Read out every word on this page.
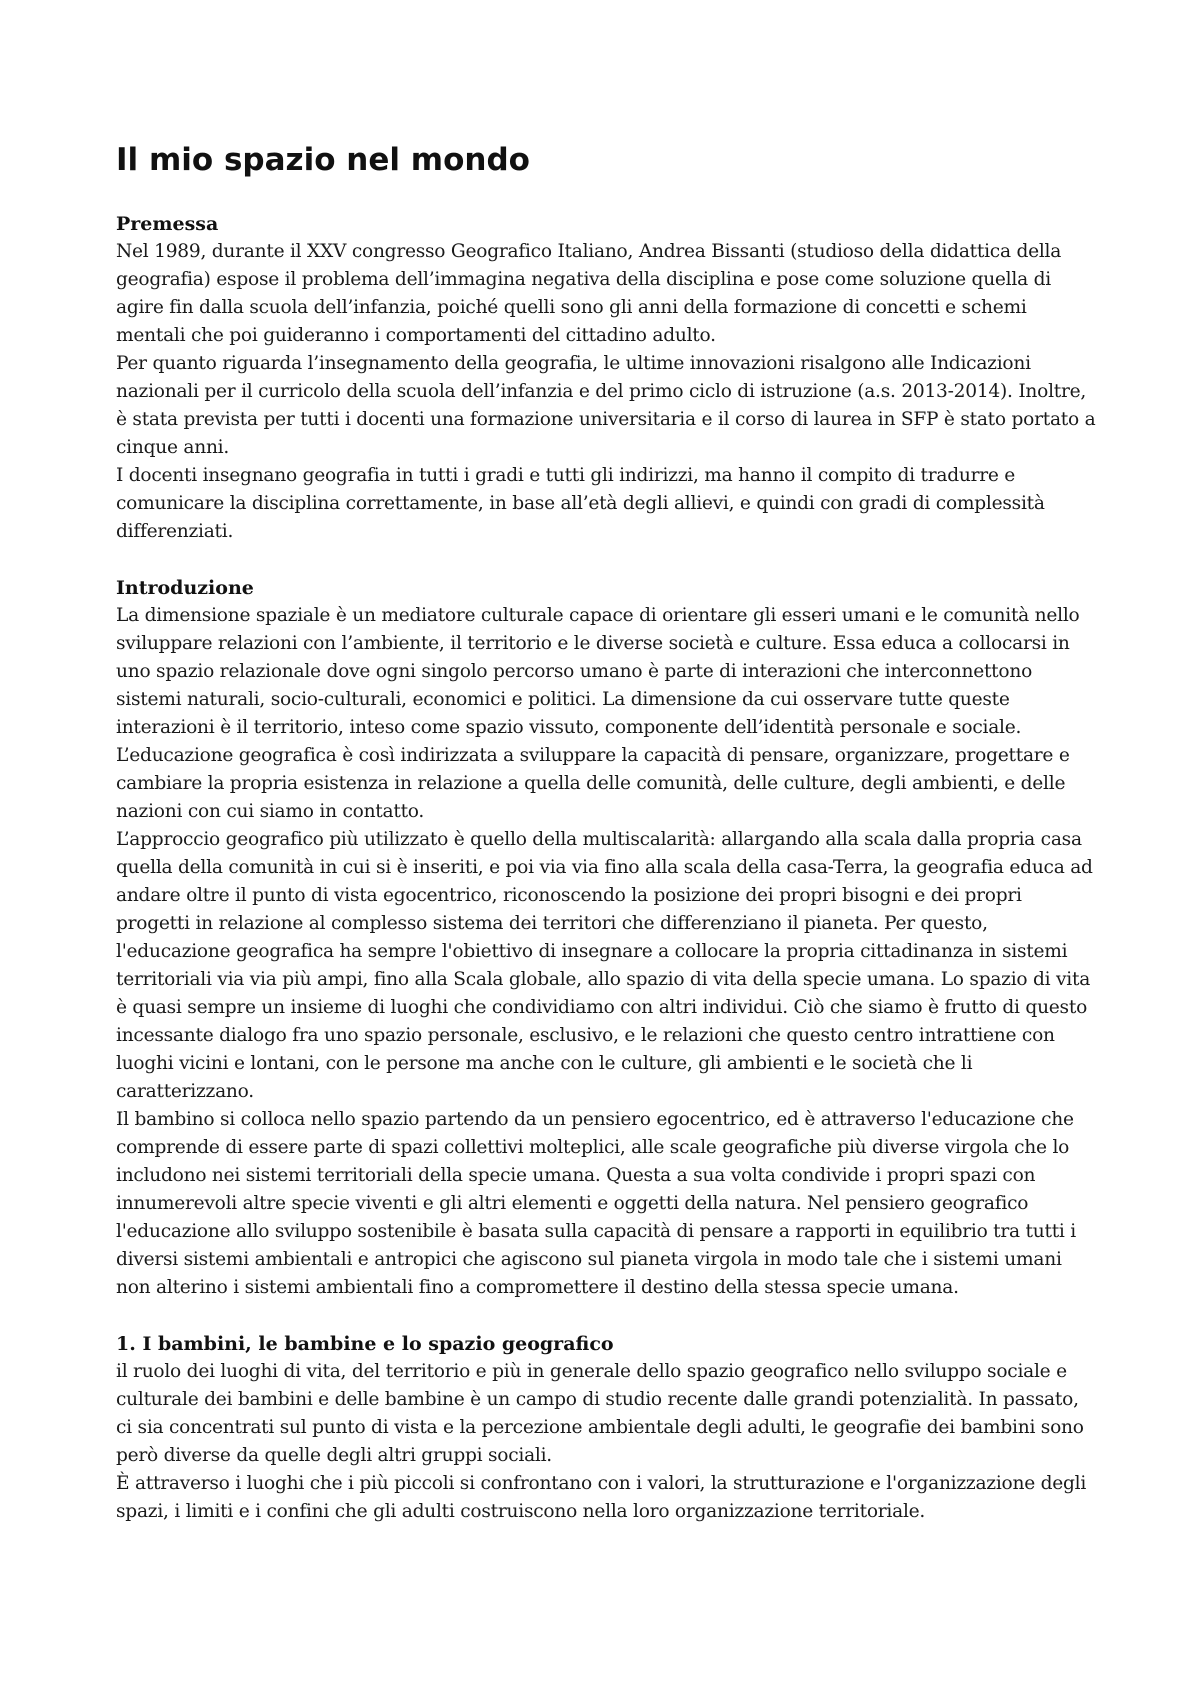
Il mio spazio nel mondo
Premessa

Nel 1989, durante il XXV congresso Geografico Italiano, Andrea Bissanti (studioso della didattica della geografia) espose il problema dell’immagina negativa della disciplina e pose come soluzione quella di agire fin dalla scuola dell’infanzia, poiché quelli sono gli anni della formazione di concetti e schemi mentali che poi guideranno i comportamenti del cittadino adulto.

Per quanto riguarda l’insegnamento della geografia, le ultime innovazioni risalgono alle Indicazioni nazionali per il curricolo della scuola dell’infanzia e del primo ciclo di istruzione (a.s. 2013-2014). Inoltre, è stata prevista per tutti i docenti una formazione universitaria e il corso di laurea in SFP è stato portato a cinque anni.

I docenti insegnano geografia in tutti i gradi e tutti gli indirizzi, ma hanno il compito di tradurre e comunicare la disciplina correttamente, in base all’età degli allievi, e quindi con gradi di complessità differenziati.

Introduzione

La dimensione spaziale è un mediatore culturale capace di orientare gli esseri umani e le comunità nello sviluppare relazioni con l’ambiente, il territorio e le diverse società e culture. Essa educa a collocarsi in uno spazio relazionale dove ogni singolo percorso umano è parte di interazioni che interconnettono sistemi naturali, socio-culturali, economici e politici. La dimensione da cui osservare tutte queste interazioni è il territorio, inteso come spazio vissuto, componente dell’identità personale e sociale. L’educazione geografica è così indirizzata a sviluppare la capacità di pensare, organizzare, progettare e cambiare la propria esistenza in relazione a quella delle comunità, delle culture, degli ambienti, e delle nazioni con cui siamo in contatto.

L’approccio geografico più utilizzato è quello della multiscalarità: allargando alla scala dalla propria casa quella della comunità in cui si è inseriti, e poi via via fino alla scala della casa-Terra, la geografia educa ad andare oltre il punto di vista egocentrico, riconoscendo la posizione dei propri bisogni e dei propri progetti in relazione al complesso sistema dei territori che differenziano il pianeta. Per questo, l'educazione geografica ha sempre l'obiettivo di insegnare a collocare la propria cittadinanza in sistemi territoriali via via più ampi, fino alla Scala globale, allo spazio di vita della specie umana. Lo spazio di vita è quasi sempre un insieme di luoghi che condividiamo con altri individui. Ciò che siamo è frutto di questo incessante dialogo fra uno spazio personale, esclusivo, e le relazioni che questo centro intrattiene con luoghi vicini e lontani, con le persone ma anche con le culture, gli ambienti e le società che li caratterizzano.

Il bambino si colloca nello spazio partendo da un pensiero egocentrico, ed è attraverso l'educazione che comprende di essere parte di spazi collettivi molteplici, alle scale geografiche più diverse virgola che lo includono nei sistemi territoriali della specie umana. Questa a sua volta condivide i propri spazi con innumerevoli altre specie viventi e gli altri elementi e oggetti della natura. Nel pensiero geografico l'educazione allo sviluppo sostenibile è basata sulla capacità di pensare a rapporti in equilibrio tra tutti i diversi sistemi ambientali e antropici che agiscono sul pianeta virgola in modo tale che i sistemi umani non alterino i sistemi ambientali fino a compromettere il destino della stessa specie umana.

1. I bambini, le bambine e lo spazio geografico

il ruolo dei luoghi di vita, del territorio e più in generale dello spazio geografico nello sviluppo sociale e culturale dei bambini e delle bambine è un campo di studio recente dalle grandi potenzialità. In passato, ci sia concentrati sul punto di vista e la percezione ambientale degli adulti, le geografie dei bambini sono però diverse da quelle degli altri gruppi sociali.

È attraverso i luoghi che i più piccoli si confrontano con i valori, la strutturazione e l'organizzazione degli spazi, i limiti e i confini che gli adulti costruiscono nella loro organizzazione territoriale.
